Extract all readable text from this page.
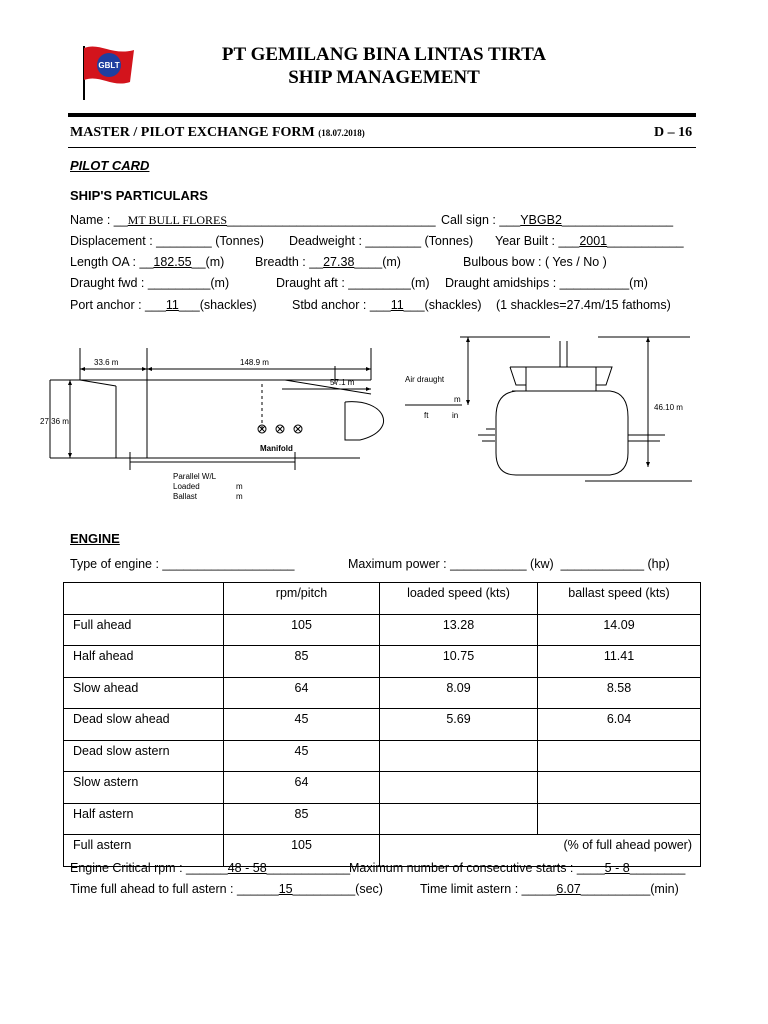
GBLT
PT GEMILANG BINA LINTAS TIRTA
SHIP MANAGEMENT
MASTER / PILOT EXCHANGE FORM (18.07.2018)	D – 16
PILOT CARD
SHIP'S PARTICULARS
Name : __MT BULL FLORES______________________________ Call sign : ___YBGB2________________
Displacement : ________ (Tonnes) Deadweight : ________ (Tonnes) Year Built : ___2001___________
Length OA : __182.55__(m) Breadth : __27.38____(m)	Bulbous bow : ( Yes / No )
Draught fwd : _________(m)	Draught aft : _________(m) Draught amidships : __________(m)
Port anchor : ___11___(shackles)	Stbd anchor : ___11___(shackles) (1 shackles=27.4m/15 fathoms)
33.6 m	148.9 m
57.1 m
27.36 m
Manifold
Parallel W/L
Loaded	m
Ballast	m
Air draught
m
ft	in
46.10 m
ENGINE
Type of engine : ___________________	Maximum power : ___________ (kw)  ____________ (hp)
	rpm/pitch	loaded speed (kts)	ballast speed (kts)
Full ahead	105	13.28	14.09
Half ahead	85	10.75	11.41
Slow ahead	64	8.09	8.58
Dead slow ahead	45	5.69	6.04
Dead slow astern	45		
Slow astern	64		
Half astern	85		
Full astern	105	(% of full ahead power)	
Engine Critical rpm : ______48 - 58____________
Maximum number of consecutive starts : ____5 - 8________
Time full ahead to full astern : ______15_________(sec)	Time limit astern : _____6.07__________(min)
